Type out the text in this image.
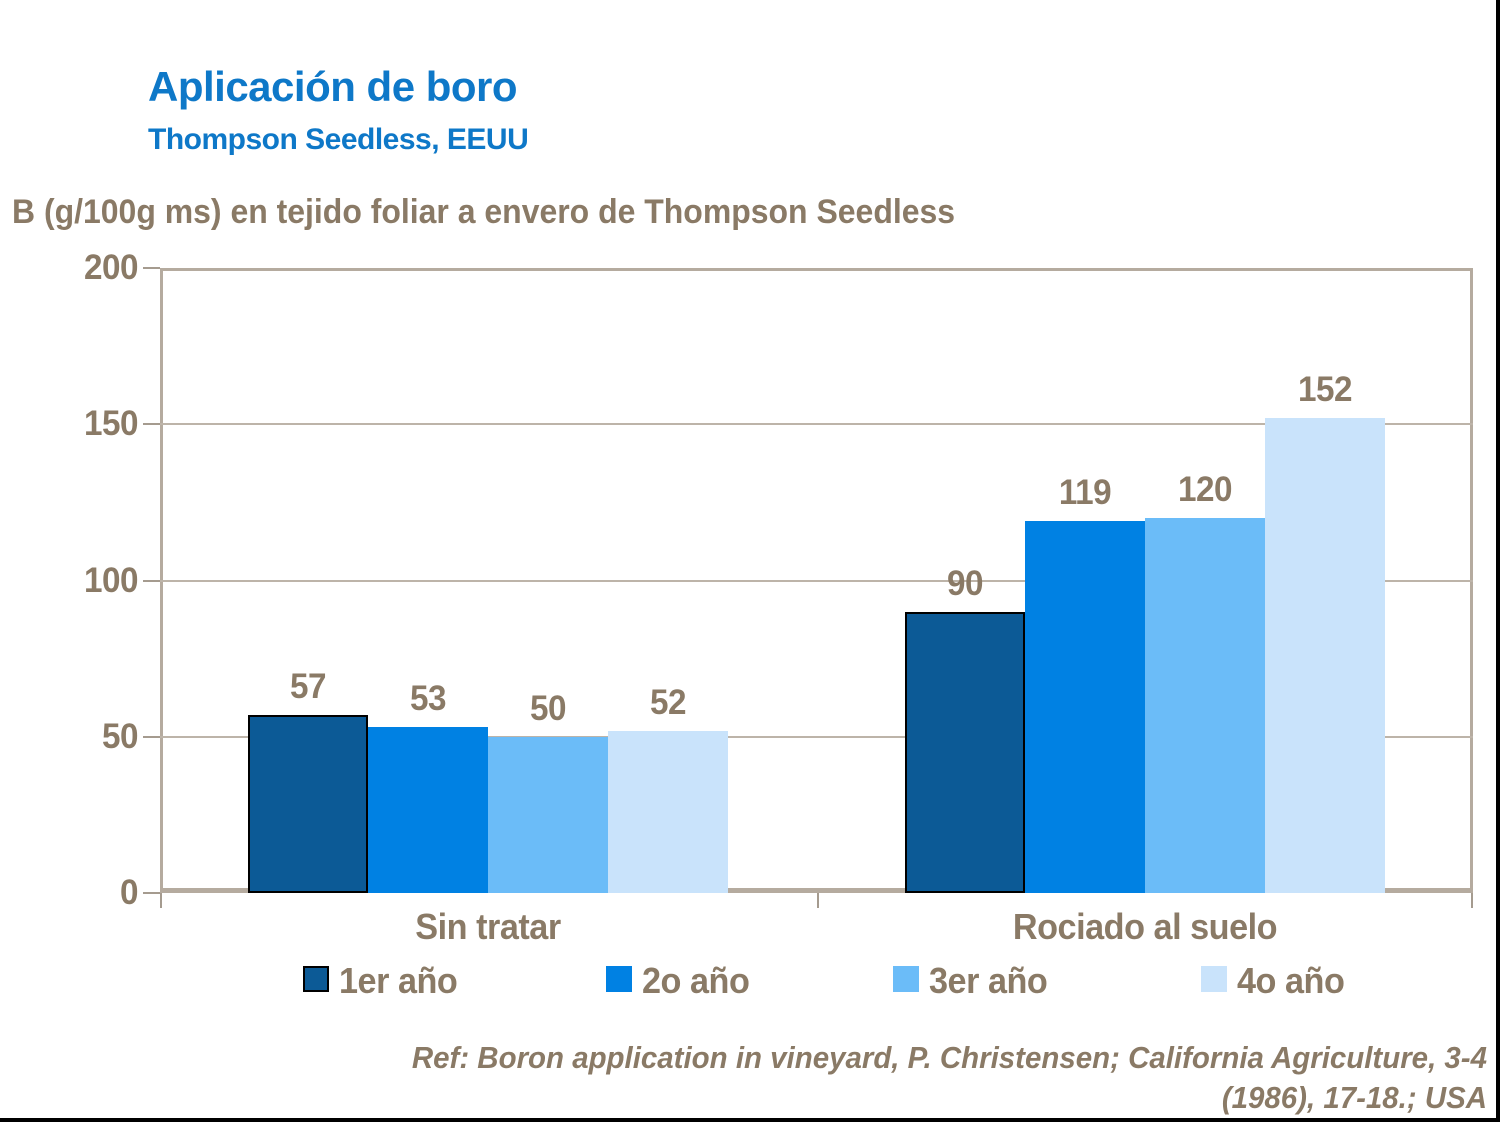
Aplicación de boro
Thompson Seedless, EEUU
B (g/100g ms) en tejido foliar a envero de Thompson Seedless
0
50
100
150
200
57	53	50	52
Sin tratar
90
119	120
152
Rociado al suelo
1er año	2o año	3er año	4o año
Ref: Boron application in vineyard, P. Christensen; California Agriculture, 3-4
(1986), 17-18.; USA
